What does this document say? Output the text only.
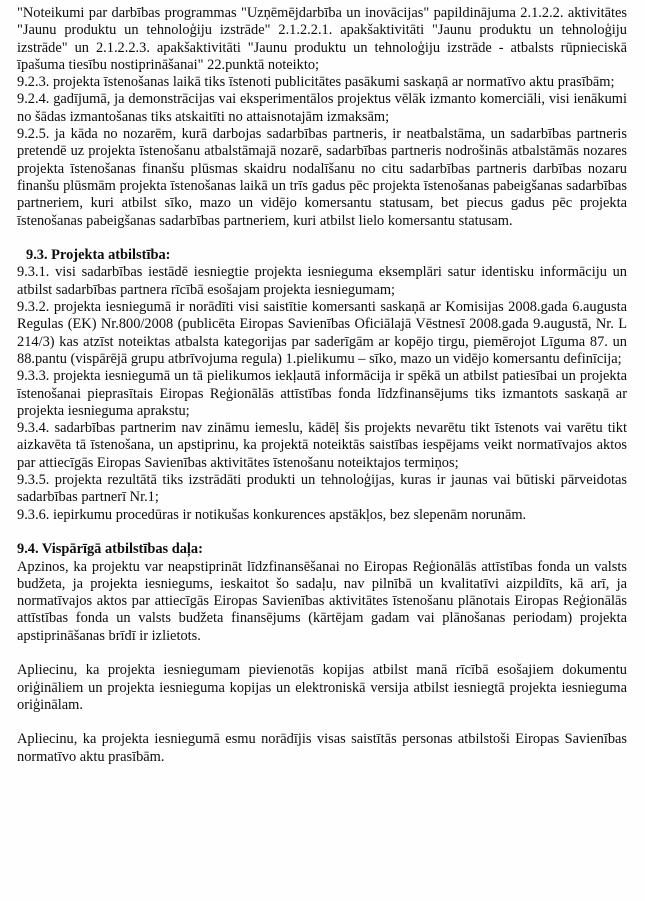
"Noteikumi par darbības programmas "Uzņēmējdarbība un inovācijas" papildinājuma 2.1.2.2. aktivitātes "Jaunu produktu un tehnoloģiju izstrāde" 2.1.2.2.1. apakšaktivitāti "Jaunu produktu un tehnoloģiju izstrāde" un 2.1.2.2.3. apakšaktivitāti "Jaunu produktu un tehnoloģiju izstrāde - atbalsts rūpnieciskā īpašuma tiesību nostiprināšanai" 22.punktā noteikto;

9.2.3. projekta īstenošanas laikā tiks īstenoti publicitātes pasākumi saskaņā ar normatīvo aktu prasībām;

9.2.4. gadījumā, ja demonstrācijas vai eksperimentālos projektus vēlāk izmanto komerciāli, visi ienākumi no šādas izmantošanas tiks atskaitīti no attaisnotajām izmaksām;

9.2.5. ja kāda no nozarēm, kurā darbojas sadarbības partneris, ir neatbalstāma, un sadarbības partneris pretendē uz projekta īstenošanu atbalstāmajā nozarē, sadarbības partneris nodrošinās atbalstāmās nozares projekta īstenošanas finanšu plūsmas skaidru nodalīšanu no citu sadarbības partneris darbības nozaru finanšu plūsmām projekta īstenošanas laikā un trīs gadus pēc projekta īstenošanas pabeigšanas sadarbības partneriem, kuri atbilst sīko, mazo un vidējo komersantu statusam, bet piecus gadus pēc projekta īstenošanas pabeigšanas sadarbības partneriem, kuri atbilst lielo komersantu statusam.

9.3. Projekta atbilstība:

9.3.1. visi sadarbības iestādē iesniegtie projekta iesnieguma eksemplāri satur identisku informāciju un atbilst sadarbības partnera rīcībā esošajam projekta iesniegumam;

9.3.2. projekta iesniegumā ir norādīti visi saistītie komersanti saskaņā ar Komisijas 2008.gada 6.augusta Regulas (EK) Nr.800/2008 (publicēta Eiropas Savienības Oficiālajā Vēstnesī 2008.gada 9.augustā, Nr. L 214/3) kas atzīst noteiktas atbalsta kategorijas par saderīgām ar kopējo tirgu, piemērojot Līguma 87. un 88.pantu (vispārējā grupu atbrīvojuma regula) 1.pielikumu – sīko, mazo un vidējo komersantu definīcija;

9.3.3. projekta iesniegumā un tā pielikumos iekļautā informācija ir spēkā un atbilst patiesībai un projekta īstenošanai pieprasītais Eiropas Reģionālās attīstības fonda līdzfinansējums tiks izmantots saskaņā ar projekta iesnieguma aprakstu;

9.3.4. sadarbības partnerim nav zināmu iemeslu, kādēļ šis projekts nevarētu tikt īstenots vai varētu tikt aizkavēta tā īstenošana, un apstiprinu, ka projektā noteiktās saistības iespējams veikt normatīvajos aktos par attiecīgās Eiropas Savienības aktivitātes īstenošanu noteiktajos termiņos;

9.3.5. projekta rezultātā tiks izstrādāti produkti un tehnoloģijas, kuras ir jaunas vai būtiski pārveidotas sadarbības partnerī Nr.1;

9.3.6. iepirkumu procedūras ir notikušas konkurences apstākļos, bez slepenām norunām.

9.4. Vispārīgā atbilstības daļa:

Apzinos, ka projektu var neapstiprināt līdzfinansēšanai no Eiropas Reģionālās attīstības fonda un valsts budžeta, ja projekta iesniegums, ieskaitot šo sadaļu, nav pilnībā un kvalitatīvi aizpildīts, kā arī, ja normatīvajos aktos par attiecīgās Eiropas Savienības aktivitātes īstenošanu plānotais Eiropas Reģionālās attīstības fonda un valsts budžeta finansējums (kārtējam gadam vai plānošanas periodam) projekta apstiprināšanas brīdī ir izlietots.

Apliecinu, ka projekta iesniegumam pievienotās kopijas atbilst manā rīcībā esošajiem dokumentu oriģināliem un projekta iesnieguma kopijas un elektroniskā versija atbilst iesniegtā projekta iesnieguma oriģinālam.

Apliecinu, ka projekta iesniegumā esmu norādījis visas saistītās personas atbilstoši Eiropas Savienības normatīvo aktu prasībām.
